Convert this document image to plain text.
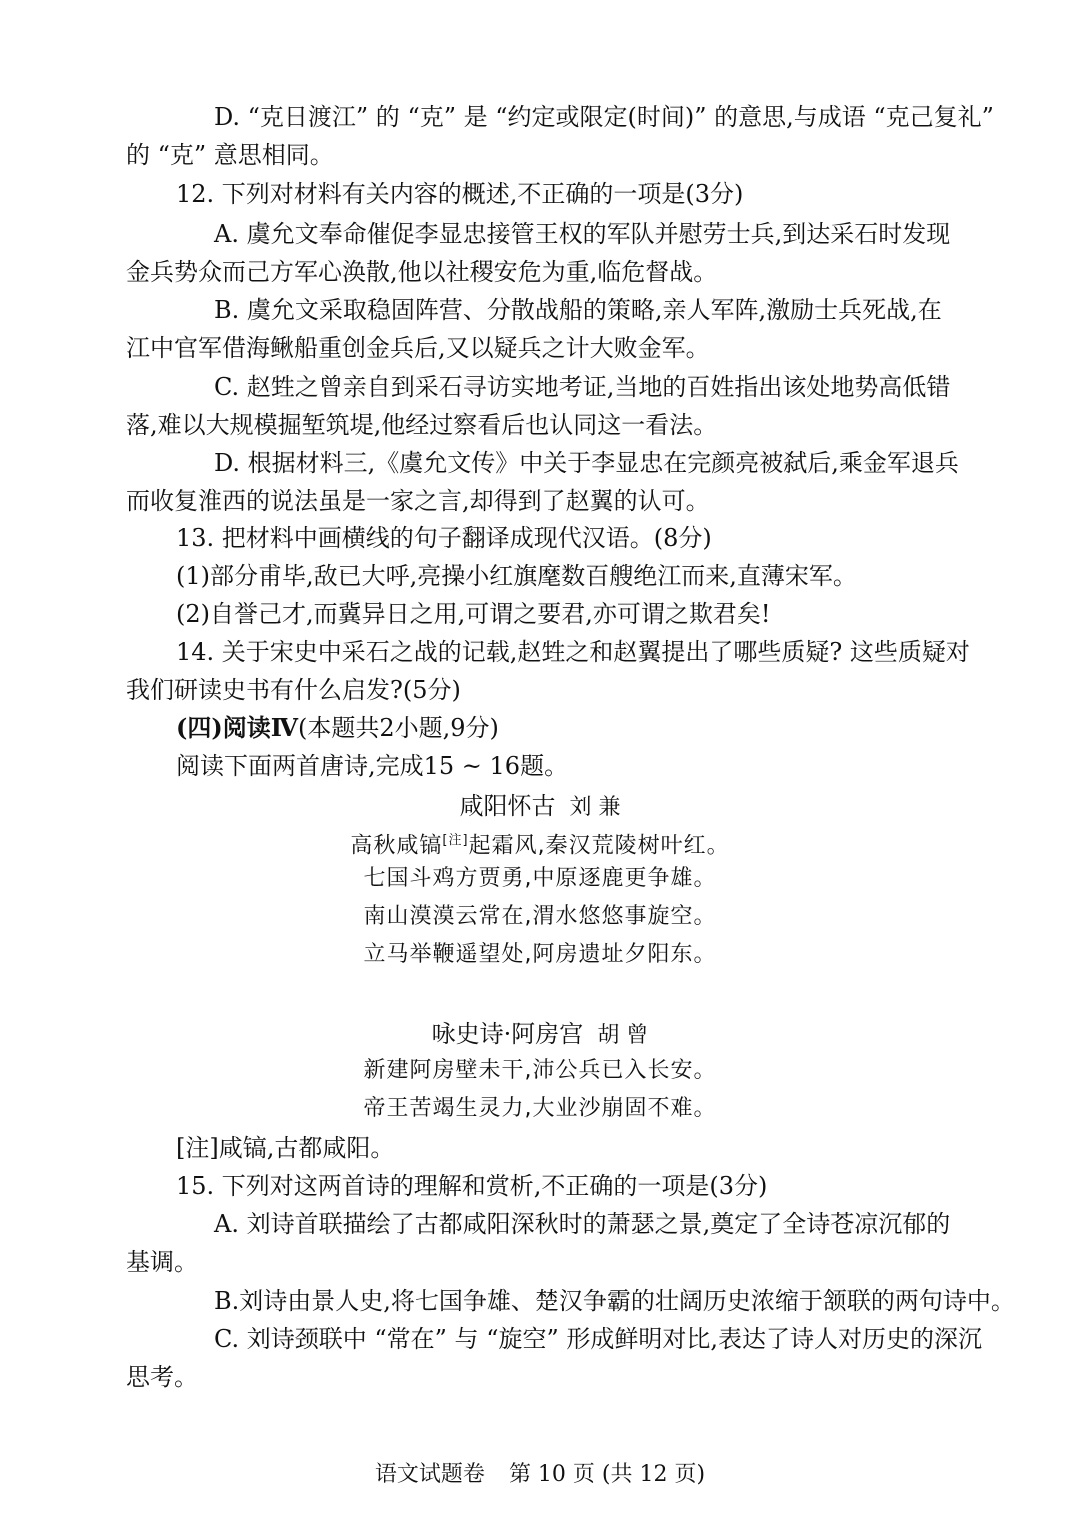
D. “克日渡江” 的 “克” 是 “约定或限定(时间)” 的意思,与成语 “克己复礼”
的 “克” 意思相同。
12. 下列对材料有关内容的概述,不正确的一项是(3分)
A. 虞允文奉命催促李显忠接管王权的军队并慰劳士兵,到达采石时发现
金兵势众而己方军心涣散,他以社稷安危为重,临危督战。
B. 虞允文采取稳固阵营、分散战船的策略,亲人军阵,激励士兵死战,在
江中官军借海鳅船重创金兵后,又以疑兵之计大败金军。
C. 赵甡之曾亲自到采石寻访实地考证,当地的百姓指出该处地势高低错
落,难以大规模掘堑筑堤,他经过察看后也认同这一看法。
D. 根据材料三,《虞允文传》中关于李显忠在完颜亮被弑后,乘金军退兵
而收复淮西的说法虽是一家之言,却得到了赵翼的认可。
13. 把材料中画横线的句子翻译成现代汉语。(8分)
(1)部分甫毕,敌已大呼,亮操小红旗麾数百艘绝江而来,直薄宋军。
(2)自誉己才,而冀异日之用,可谓之要君,亦可谓之欺君矣!
14. 关于宋史中采石之战的记载,赵甡之和赵翼提出了哪些质疑? 这些质疑对
我们研读史书有什么启发?(5分)
(四)阅读Ⅳ(本题共2小题,9分)
阅读下面两首唐诗,完成15 ~ 16题。
咸阳怀古 刘 兼
高秋咸镐[注]起霜风,秦汉荒陵树叶红。
七国斗鸡方贾勇,中原逐鹿更争雄。
南山漠漠云常在,渭水悠悠事旋空。
立马举鞭遥望处,阿房遗址夕阳东。
咏史诗·阿房宫 胡 曾
新建阿房壁未干,沛公兵已入长安。
帝王苦竭生灵力,大业沙崩固不难。
[注]咸镐,古都咸阳。
15. 下列对这两首诗的理解和赏析,不正确的一项是(3分)
A. 刘诗首联描绘了古都咸阳深秋时的萧瑟之景,奠定了全诗苍凉沉郁的
基调。
B.刘诗由景人史,将七国争雄、楚汉争霸的壮阔历史浓缩于颔联的两句诗中。
C. 刘诗颈联中 “常在” 与 “旋空” 形成鲜明对比,表达了诗人对历史的深沉
思考。
语文试题卷 第 10 页 (共 12 页)
